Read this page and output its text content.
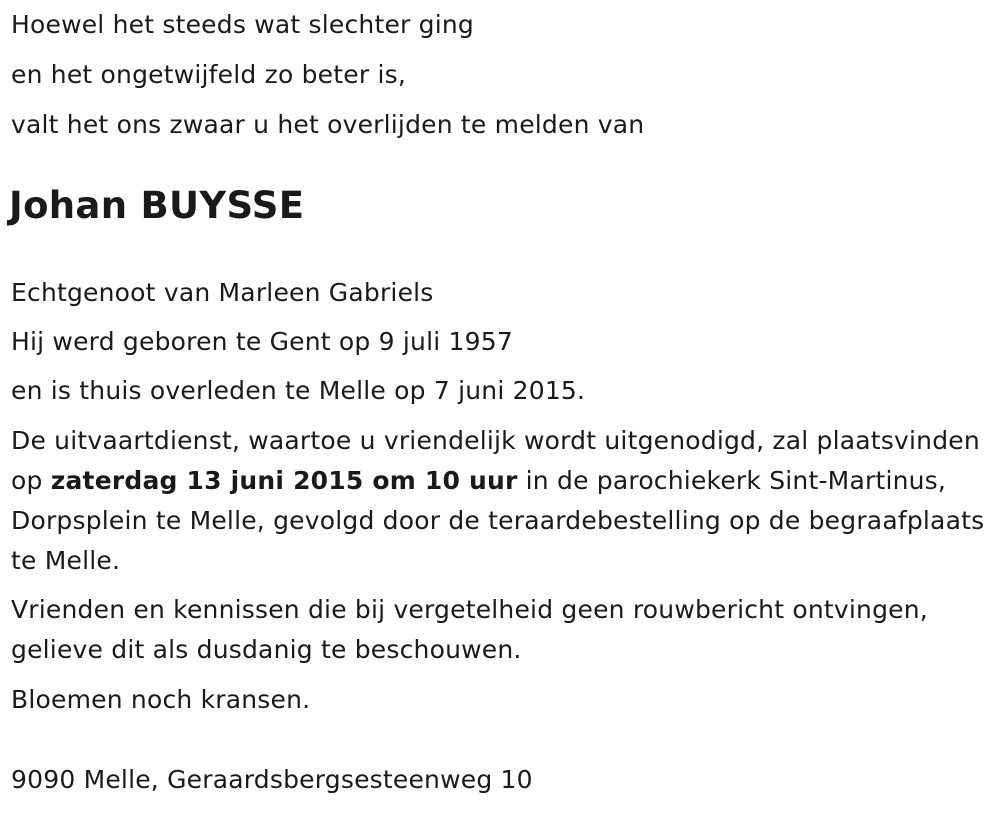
Hoewel het steeds wat slechter ging
en het ongetwijfeld zo beter is,
valt het ons zwaar u het overlijden te melden van
Johan BUYSSE
Echtgenoot van Marleen Gabriels
Hij werd geboren te Gent op 9 juli 1957
en is thuis overleden te Melle op 7 juni 2015.
De uitvaartdienst, waartoe u vriendelijk wordt uitgenodigd, zal plaatsvinden op zaterdag 13 juni 2015 om 10 uur in de parochiekerk Sint-Martinus, Dorpsplein te Melle, gevolgd door de teraardebestelling op de begraafplaats te Melle.
Vrienden en kennissen die bij vergetelheid geen rouwbericht ontvingen, gelieve dit als dusdanig te beschouwen.
Bloemen noch kransen.
9090 Melle, Geraardsbergsesteenweg 10
